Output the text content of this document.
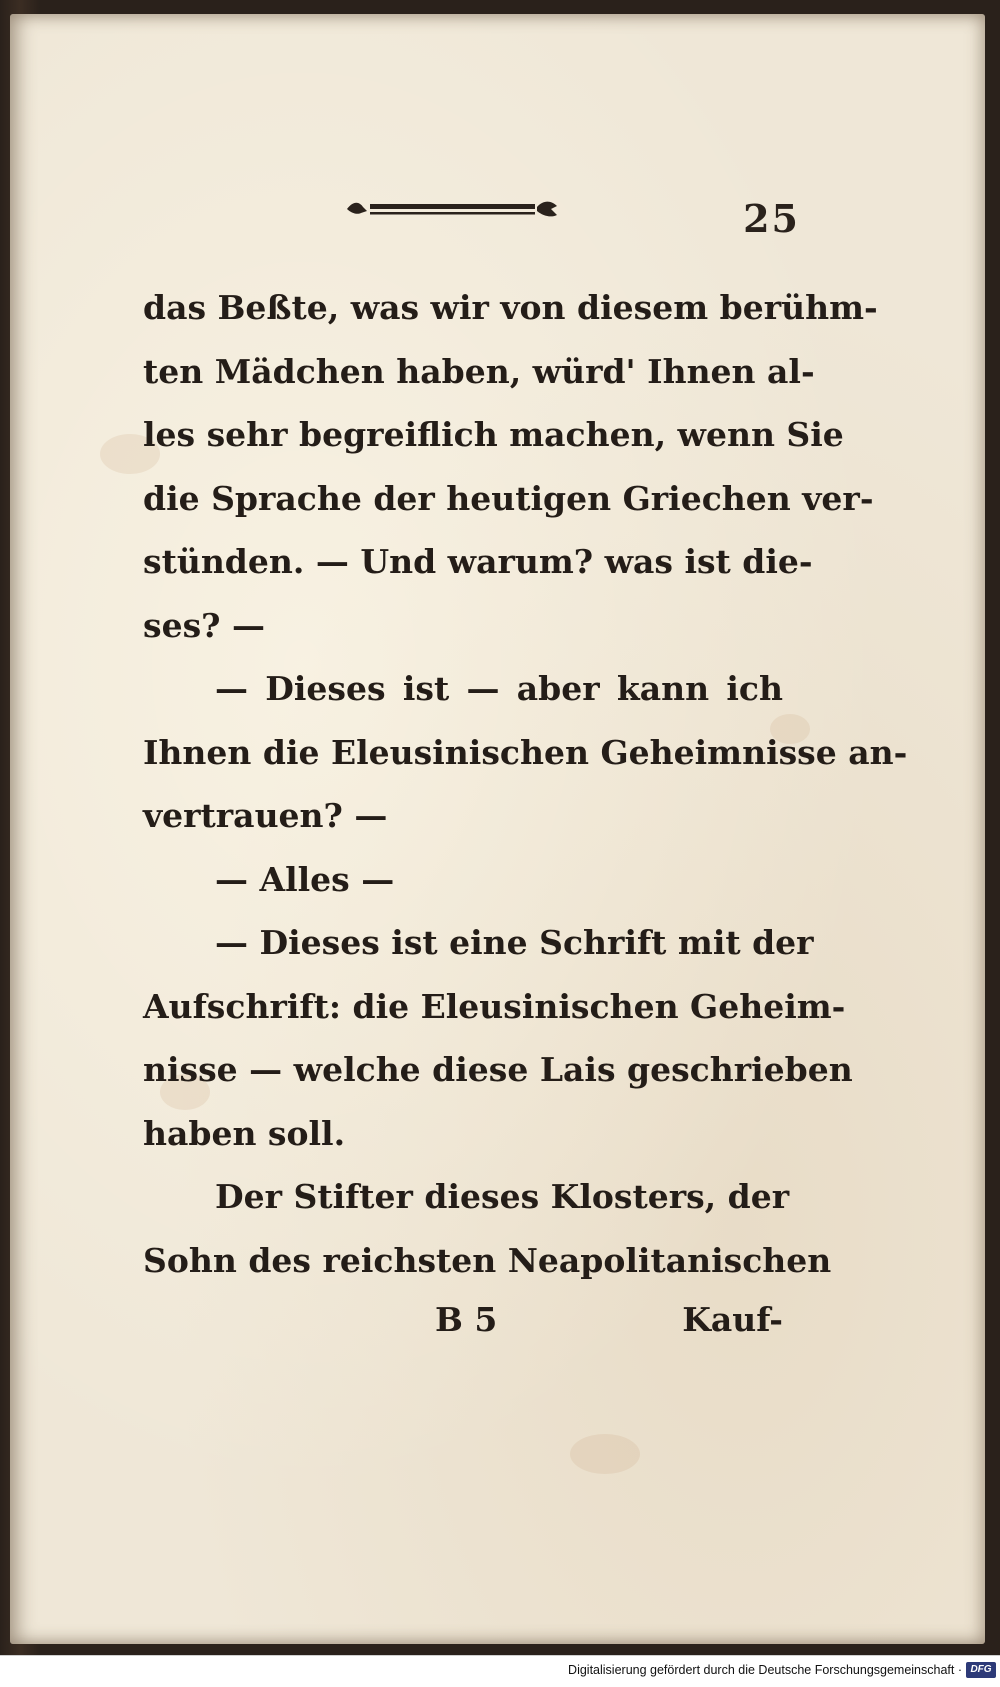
25
das Beßte, was wir von diesem berühm-
ten Mädchen haben, würd' Ihnen al-
les sehr begreiflich machen, wenn Sie
die Sprache der heutigen Griechen ver-
stünden. — Und warum? was ist die-
ses? —
— Dieses ist — aber kann ich
Ihnen die Eleusinischen Geheimnisse an-
vertrauen? —
— Alles —
— Dieses ist eine Schrift mit der
Aufschrift: die Eleusinischen Geheim-
nisse — welche diese Lais geschrieben
haben soll.
Der Stifter dieses Klosters, der
Sohn des reichsten Neapolitanischen
B 5	Kauf-
Digitalisierung gefördert durch die Deutsche Forschungsgemeinschaft · DFG
